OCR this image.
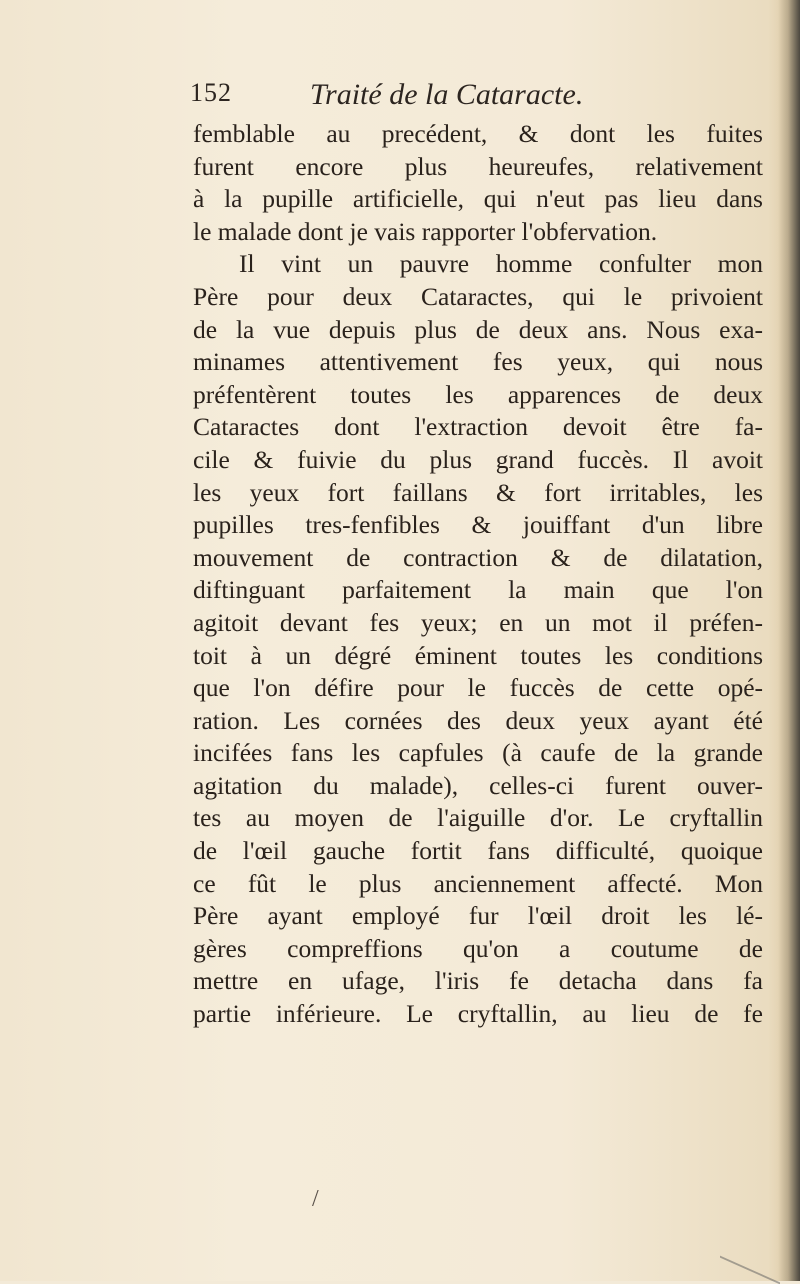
152	Traité de la Cataracte.
femblable au precédent, & dont les fuites
furent encore plus heureufes, relativement
à la pupille artificielle, qui n'eut pas lieu dans
le malade dont je vais rapporter l'obfervation.
Il vint un pauvre homme confulter mon
Père pour deux Cataractes, qui le privoient
de la vue depuis plus de deux ans. Nous exa-
minames attentivement fes yeux, qui nous
préfentèrent toutes les apparences de deux
Cataractes dont l'extraction devoit être fa-
cile & fuivie du plus grand fuccès. Il avoit
les yeux fort faillans & fort irritables, les
pupilles tres-fenfibles & jouiffant d'un libre
mouvement de contraction & de dilatation,
diftinguant parfaitement la main que l'on
agitoit devant fes yeux; en un mot il préfen-
toit à un dégré éminent toutes les conditions
que l'on défire pour le fuccès de cette opé-
ration. Les cornées des deux yeux ayant été
incifées fans les capfules (à caufe de la grande
agitation du malade), celles-ci furent ouver-
tes au moyen de l'aiguille d'or. Le cryftallin
de l'œil gauche fortit fans difficulté, quoique
ce fût le plus anciennement affecté. Mon
Père ayant employé fur l'œil droit les lé-
gères compreffions qu'on a coutume de
mettre en ufage, l'iris fe detacha dans fa
partie inférieure. Le cryftallin, au lieu de fe
/
